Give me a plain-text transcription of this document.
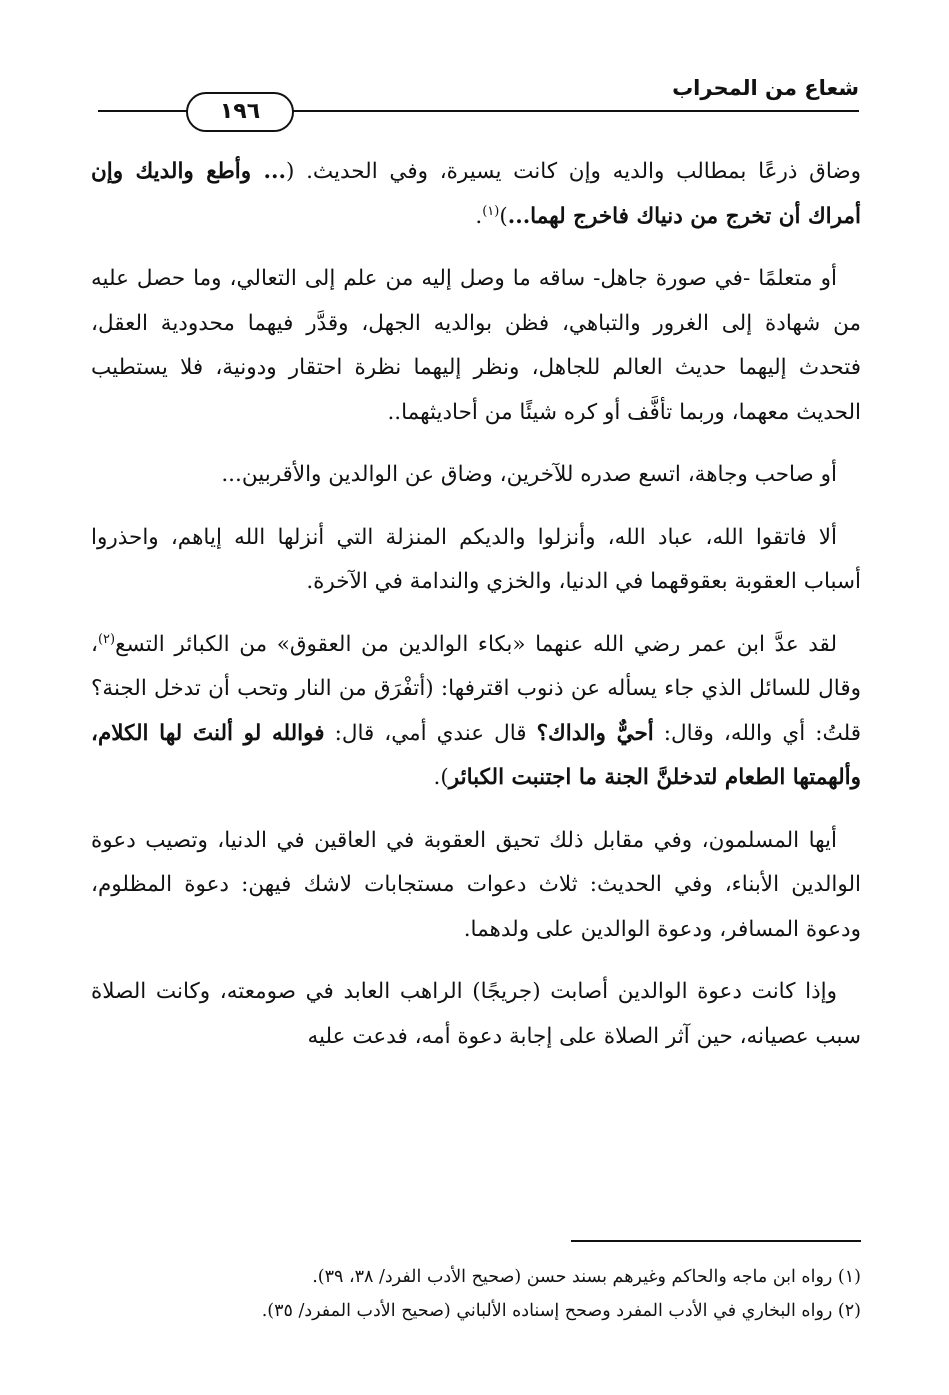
شعاع من المحراب
١٩٦

وضاق ذرعًا بمطالب والديه وإن كانت يسيرة، وفي الحديث. (... وأطع والديك وإن أمراك أن تخرج من دنياك فاخرج لهما...)$^{(١)}$.

أو متعلمًا -في صورة جاهل- ساقه ما وصل إليه من علم إلى التعالي، وما حصل عليه من شهادة إلى الغرور والتباهي، فظن بوالديه الجهل، وقدَّر فيهما محدودية العقل، فتحدث إليهما حديث العالم للجاهل، ونظر إليهما نظرة احتقار ودونية، فلا يستطيب الحديث معهما، وربما تأفَّف أو كره شيئًا من أحاديثهما..

أو صاحب وجاهة، اتسع صدره للآخرين، وضاق عن الوالدين والأقربين...

ألا فاتقوا الله، عباد الله، وأنزلوا والديكم المنزلة التي أنزلها الله إياهم، واحذروا أسباب العقوبة بعقوقهما في الدنيا، والخزي والندامة في الآخرة.

لقد عدَّ ابن عمر رضي الله عنهما «بكاء الوالدين من العقوق» من الكبائر التسع$^{(٢)}$، وقال للسائل الذي جاء يسأله عن ذنوب اقترفها: (أتفْرَق من النار وتحب أن تدخل الجنة؟ قلتُ: أي والله، وقال: أحيٌّ والداك؟ قال عندي أمي، قال: فوالله لو ألنتَ لها الكلام، وألهمتها الطعام لتدخلنَّ الجنة ما اجتنبت الكبائر).

أيها المسلمون، وفي مقابل ذلك تحيق العقوبة في العاقين في الدنيا، وتصيب دعوة الوالدين الأبناء، وفي الحديث: ثلاث دعوات مستجابات لاشك فيهن: دعوة المظلوم، ودعوة المسافر، ودعوة الوالدين على ولدهما.

وإذا كانت دعوة الوالدين أصابت (جريجًا) الراهب العابد في صومعته، وكانت الصلاة سبب عصيانه، حين آثر الصلاة على إجابة دعوة أمه، فدعت عليه

(١) رواه ابن ماجه والحاكم وغيرهم بسند حسن (صحيح الأدب الفرد/ ٣٨، ٣٩).

(٢) رواه البخاري في الأدب المفرد وصحح إسناده الألباني (صحيح الأدب المفرد/ ٣٥).
